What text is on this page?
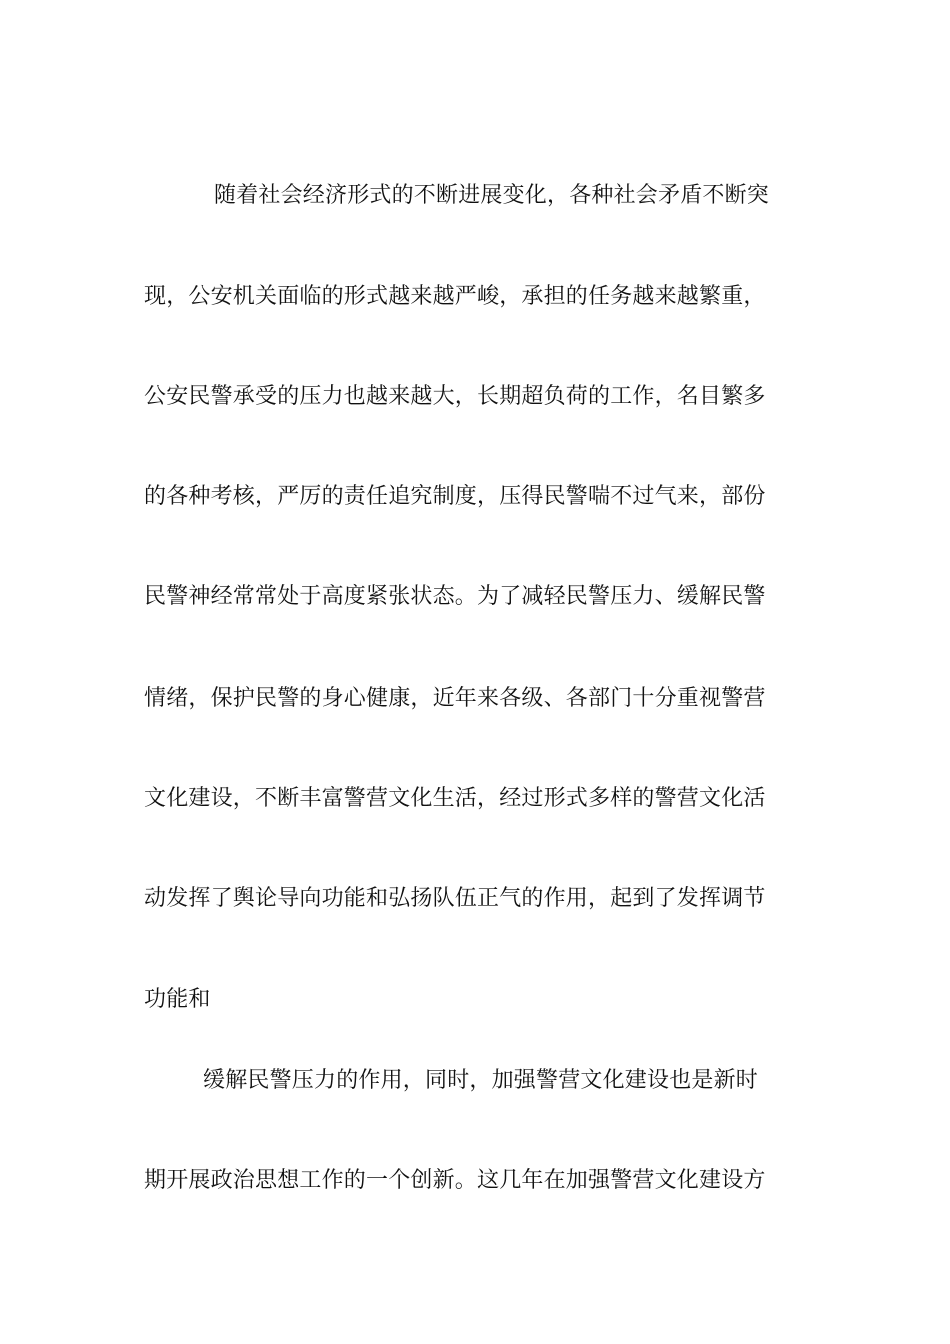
随着社会经济形式的不断进展变化，各种社会矛盾不断突
现，公安机关面临的形式越来越严峻，承担的任务越来越繁重，
公安民警承受的压力也越来越大，长期超负荷的工作，名目繁多
的各种考核，严厉的责任追究制度，压得民警喘不过气来，部份
民警神经常常处于高度紧张状态。为了减轻民警压力、缓解民警
情绪，保护民警的身心健康，近年来各级、各部门十分重视警营
文化建设，不断丰富警营文化生活，经过形式多样的警营文化活
动发挥了舆论导向功能和弘扬队伍正气的作用，起到了发挥调节
功能和
缓解民警压力的作用，同时，加强警营文化建设也是新时
期开展政治思想工作的一个创新。这几年在加强警营文化建设方
